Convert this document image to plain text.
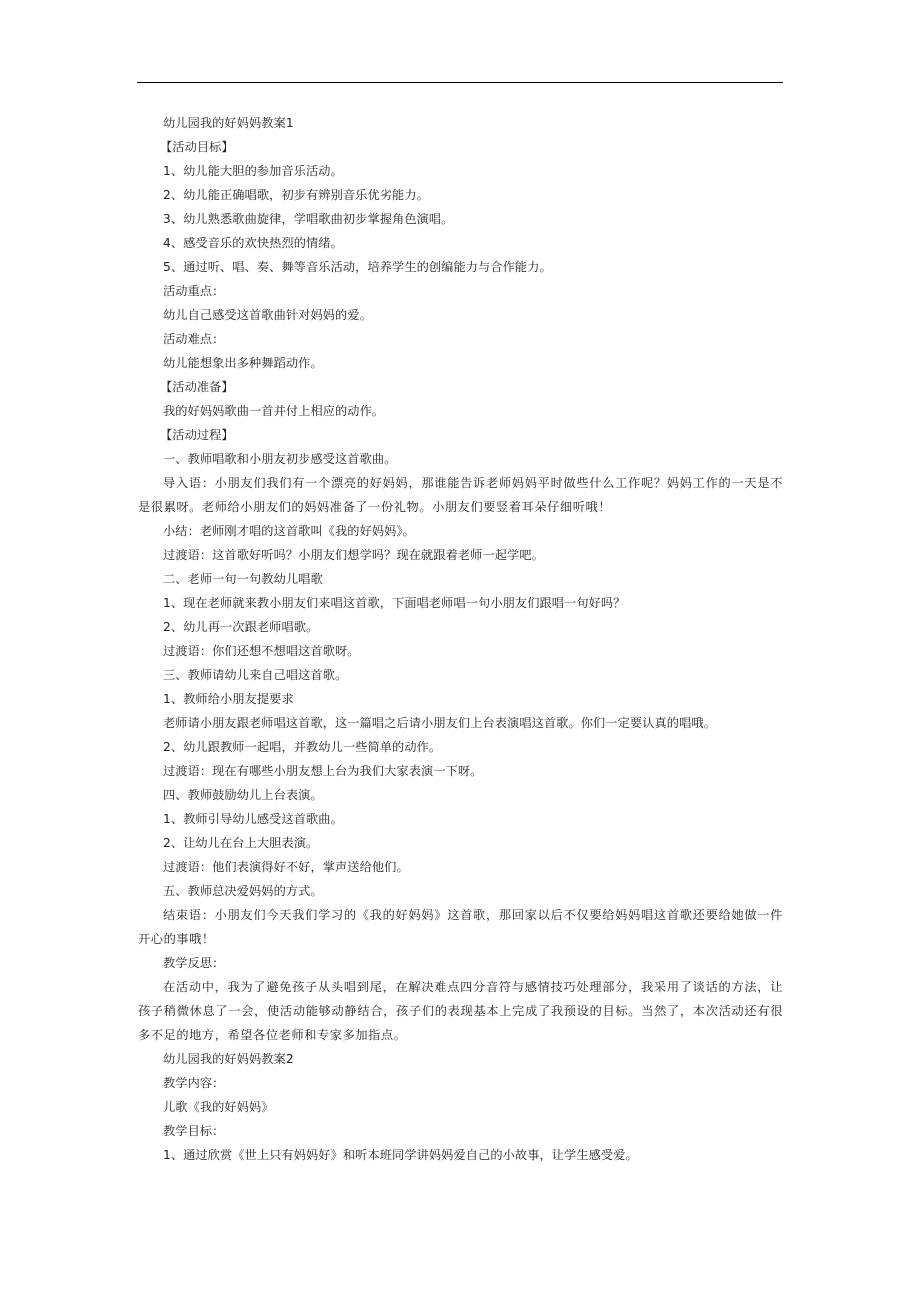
幼儿园我的好妈妈教案1
【活动目标】
1、幼儿能大胆的参加音乐活动。
2、幼儿能正确唱歌，初步有辨别音乐优劣能力。
3、幼儿熟悉歌曲旋律，学唱歌曲初步掌握角色演唱。
4、感受音乐的欢快热烈的情绪。
5、通过听、唱、奏、舞等音乐活动，培养学生的创编能力与合作能力。
活动重点：
幼儿自己感受这首歌曲针对妈妈的爱。
活动难点：
幼儿能想象出多种舞蹈动作。
【活动准备】
我的好妈妈歌曲一首并付上相应的动作。
【活动过程】
一、教师唱歌和小朋友初步感受这首歌曲。
导入语：小朋友们我们有一个漂亮的好妈妈，那谁能告诉老师妈妈平时做些什么工作呢？妈妈工作的一天是不是很累呀。老师给小朋友们的妈妈准备了一份礼物。小朋友们要竖着耳朵仔细听哦！
小结：老师刚才唱的这首歌叫《我的好妈妈》。
过渡语：这首歌好听吗？小朋友们想学吗？现在就跟着老师一起学吧。
二、老师一句一句教幼儿唱歌
1、现在老师就来教小朋友们来唱这首歌，下面唱老师唱一句小朋友们跟唱一句好吗？
2、幼儿再一次跟老师唱歌。
过渡语：你们还想不想唱这首歌呀。
三、教师请幼儿来自己唱这首歌。
1、教师给小朋友提要求
老师请小朋友跟老师唱这首歌，这一篇唱之后请小朋友们上台表演唱这首歌。你们一定要认真的唱哦。
2、幼儿跟教师一起唱，并教幼儿一些简单的动作。
过渡语：现在有哪些小朋友想上台为我们大家表演一下呀。
四、教师鼓励幼儿上台表演。
1、教师引导幼儿感受这首歌曲。
2、让幼儿在台上大胆表演。
过渡语：他们表演得好不好，掌声送给他们。
五、教师总决爱妈妈的方式。
结束语：小朋友们今天我们学习的《我的好妈妈》这首歌，那回家以后不仅要给妈妈唱这首歌还要给她做一件开心的事哦！
教学反思：
在活动中，我为了避免孩子从头唱到尾，在解决难点四分音符与感情技巧处理部分，我采用了谈话的方法，让孩子稍微休息了一会，使活动能够动静结合，孩子们的表现基本上完成了我预设的目标。当然了，本次活动还有很多不足的地方，希望各位老师和专家多加指点。
幼儿园我的好妈妈教案2
教学内容：
儿歌《我的好妈妈》
教学目标：
1、通过欣赏《世上只有妈妈好》和听本班同学讲妈妈爱自己的小故事，让学生感受爱。
